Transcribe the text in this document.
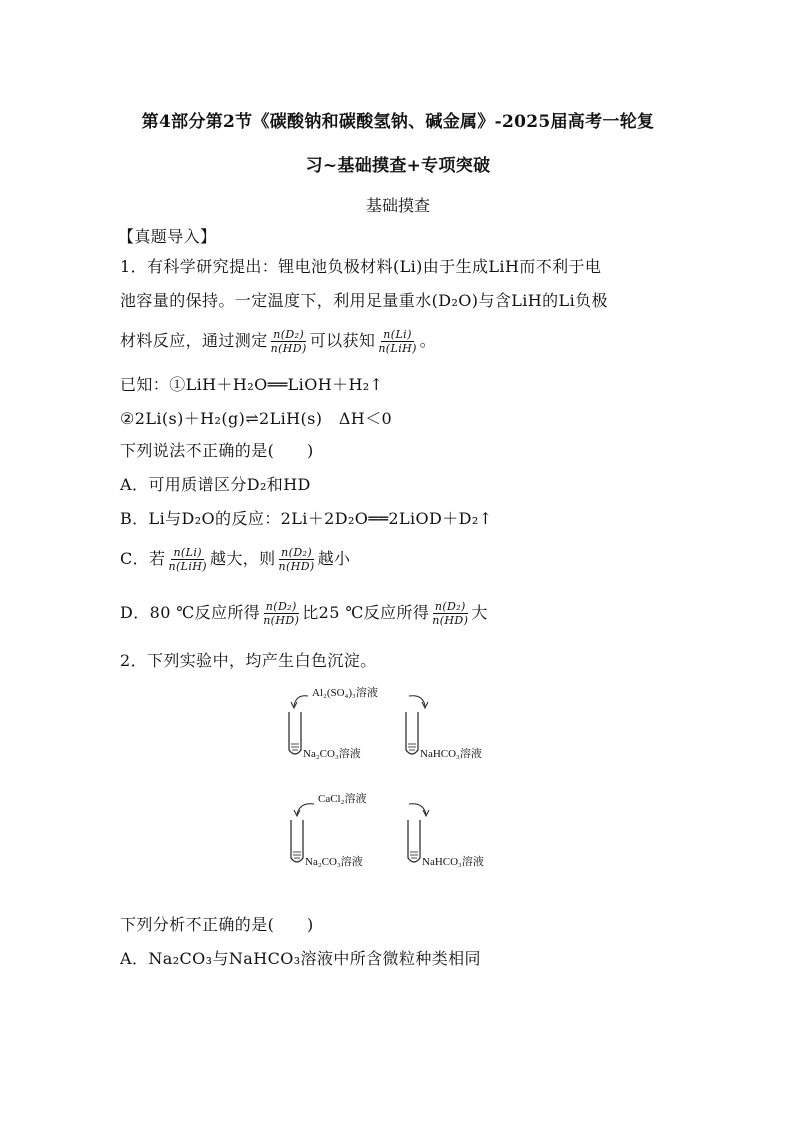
第4部分第2节《碳酸钠和碳酸氢钠、碱金属》-2025届高考一轮复
习~基础摸查+专项突破
基础摸查
【真题导入】
1．有科学研究提出：锂电池负极材料(Li)由于生成LiH而不利于电
池容量的保持。一定温度下，利用足量重水(D₂O)与含LiH的Li负极
材料反应，通过测定 $\frac{\text{n(D₂)}}{n(HD)}$ 可以获知 $\frac{n(Li)}{\text{n(LiH)}}$ 。
已知：①LiH＋H₂O══LiOH＋H₂↑
②2Li(s)＋H₂(g)⇌2LiH(s)　ΔH＜0
下列说法不正确的是(　　)
A．可用质谱区分D₂和HD
B．Li与D₂O的反应：2Li＋2D₂O══2LiOD＋D₂↑
C．若 $\frac{n(Li)}{\text{n(LiH)}}$ 越大，则 $\frac{\text{n(D₂)}}{n(HD)}$ 越小
D．80 ℃反应所得 $\frac{\text{n(D₂)}}{n(HD)}$ 比25 ℃反应所得 $\frac{\text{n(D₂)}}{n(HD)}$ 大
2．下列实验中，均产生白色沉淀。
Al₂(SO₄)₃溶液
Na₂CO₃溶液	NaHCO₃溶液
CaCl₂溶液
Na₂CO₃溶液	NaHCO₃溶液
下列分析不正确的是(　　)
A．Na₂CO₃与NaHCO₃溶液中所含微粒种类相同
